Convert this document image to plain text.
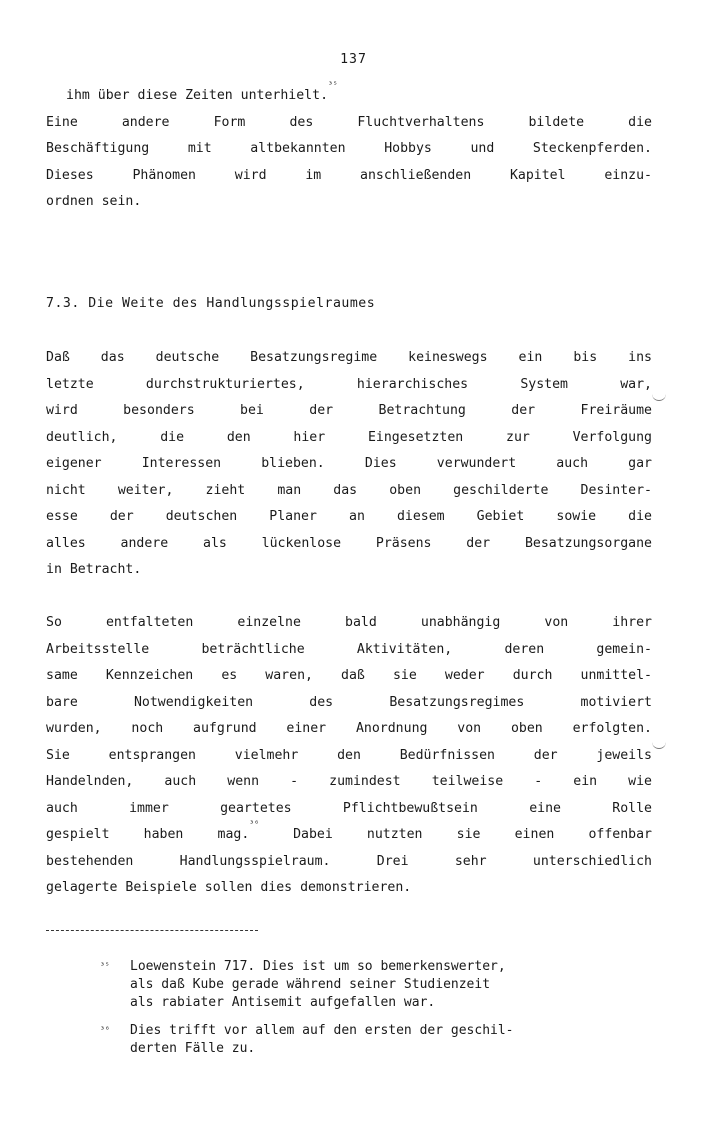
137
ihm über diese Zeiten unterhielt.$^{^{35}}$
Eine andere Form des Fluchtverhaltens bildete die
Beschäftigung mit altbekannten Hobbys und Steckenpferden.
Dieses Phänomen wird im anschließenden Kapitel einzu-
ordnen sein.
7.3. Die Weite des Handlungsspielraumes
Daß das deutsche Besatzungsregime keineswegs ein bis ins
letzte durchstrukturiertes, hierarchisches System war,
wird besonders bei der Betrachtung der Freiräume
deutlich, die den hier Eingesetzten zur Verfolgung
eigener Interessen blieben. Dies verwundert auch gar
nicht weiter, zieht man das oben geschilderte Desinter-
esse der deutschen Planer an diesem Gebiet sowie die
alles andere als lückenlose Präsens der Besatzungsorgane
in Betracht.
So entfalteten einzelne bald unabhängig von ihrer
Arbeitsstelle beträchtliche Aktivitäten, deren gemein-
same Kennzeichen es waren, daß sie weder durch unmittel-
bare Notwendigkeiten des Besatzungsregimes motiviert
wurden, noch aufgrund einer Anordnung von oben erfolgten.
Sie entsprangen vielmehr den Bedürfnissen der jeweils
Handelnden, auch wenn - zumindest teilweise - ein wie
auch immer geartetes Pflichtbewußtsein eine Rolle
gespielt haben mag.$^{^{36}}$ Dabei nutzten sie einen offenbar
bestehenden Handlungsspielraum. Drei sehr unterschiedlich
gelagerte Beispiele sollen dies demonstrieren.
³⁵ Loewenstein 717. Dies ist um so bemerkenswerter,
als daß Kube gerade während seiner Studienzeit
als rabiater Antisemit aufgefallen war.
³⁶ Dies trifft vor allem auf den ersten der geschil-
derten Fälle zu.
